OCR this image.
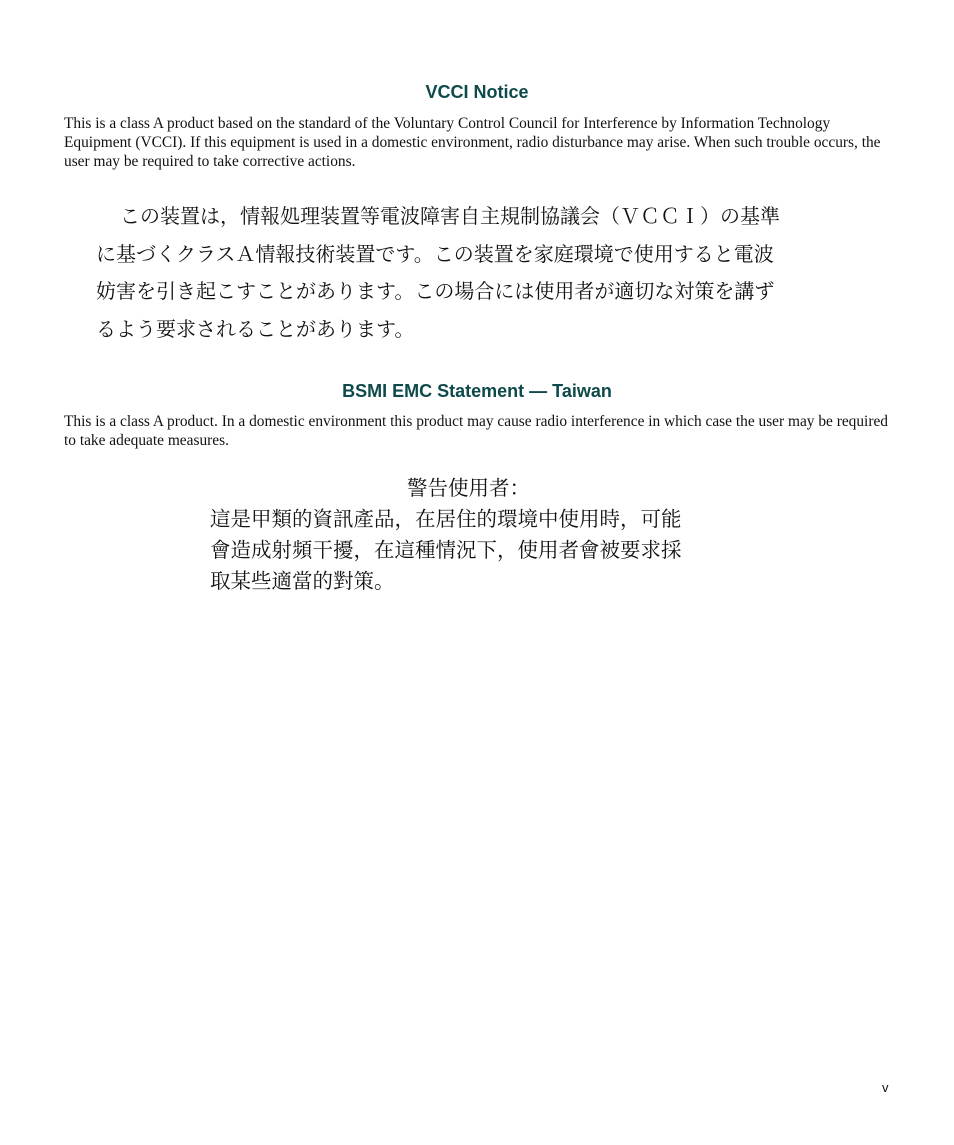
VCCI Notice

This is a class A product based on the standard of the Voluntary Control Council for Interference by Information Technology Equipment (VCCI). If this equipment is used in a domestic environment, radio disturbance may arise. When such trouble occurs, the user may be required to take corrective actions.

この装置は，情報処理装置等電波障害自主規制協議会（ＶＣＣＩ）の基準
に基づくクラスＡ情報技術装置です。この装置を家庭環境で使用すると電波
妨害を引き起こすことがあります。この場合には使用者が適切な対策を講ず
るよう要求されることがあります。
BSMI EMC Statement — Taiwan

This is a class A product. In a domestic environment this product may cause radio interference in which case the user may be required to take adequate measures.

警告使用者：
這是甲類的資訊產品，在居住的環境中使用時，可能
會造成射頻干擾，在這種情況下，使用者會被要求採
取某些適當的對策。
v
